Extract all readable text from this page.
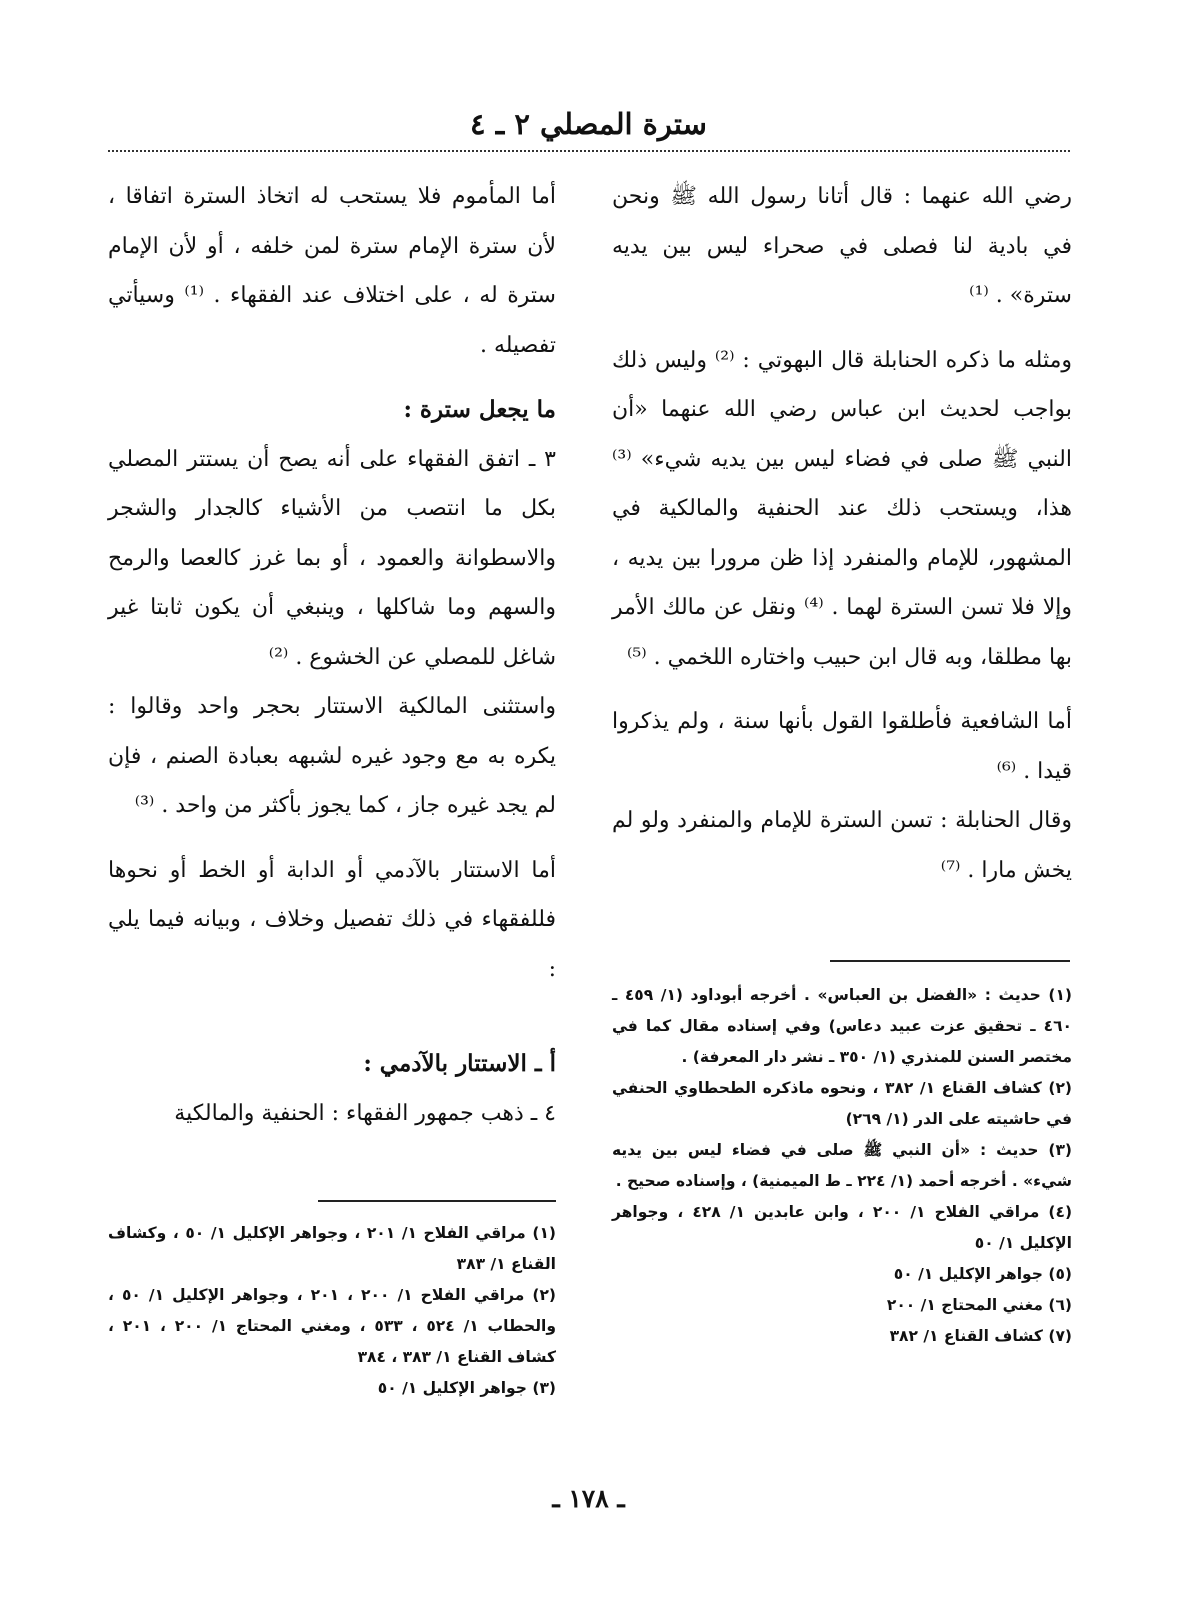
سترة المصلي ٢ ـ ٤

رضي الله عنهما : قال أتانا رسول الله ﷺ ونحن في بادية لنا فصلى في صحراء ليس بين يديه سترة» . ⁽¹⁾

ومثله ما ذكره الحنابلة قال البهوتي : ⁽²⁾ وليس ذلك بواجب لحديث ابن عباس رضي الله عنهما «أن النبي ﷺ صلى في فضاء ليس بين يديه شيء» ⁽³⁾ هذا، ويستحب ذلك عند الحنفية والمالكية في المشهور، للإمام والمنفرد إذا ظن مرورا بين يديه ، وإلا فلا تسن السترة لهما . ⁽⁴⁾ ونقل عن مالك الأمر بها مطلقا، وبه قال ابن حبيب واختاره اللخمي . ⁽⁵⁾

أما الشافعية فأطلقوا القول بأنها سنة ، ولم يذكروا قيدا . ⁽⁶⁾

وقال الحنابلة : تسن السترة للإمام والمنفرد ولو لم يخش مارا . ⁽⁷⁾

أما المأموم فلا يستحب له اتخاذ السترة اتفاقا ، لأن سترة الإمام سترة لمن خلفه ، أو لأن الإمام سترة له ، على اختلاف عند الفقهاء . ⁽¹⁾ وسيأتي تفصيله .

ما يجعل سترة :

٣ ـ اتفق الفقهاء على أنه يصح أن يستتر المصلي بكل ما انتصب من الأشياء كالجدار والشجر والاسطوانة والعمود ، أو بما غرز كالعصا والرمح والسهم وما شاكلها ، وينبغي أن يكون ثابتا غير شاغل للمصلي عن الخشوع . ⁽²⁾

واستثنى المالكية الاستتار بحجر واحد وقالوا : يكره به مع وجود غيره لشبهه بعبادة الصنم ، فإن لم يجد غيره جاز ، كما يجوز بأكثر من واحد . ⁽³⁾

أما الاستتار بالآدمي أو الدابة أو الخط أو نحوها فللفقهاء في ذلك تفصيل وخلاف ، وبيانه فيما يلي :

أ ـ الاستتار بالآدمي :

٤ ـ ذهب جمهور الفقهاء : الحنفية والمالكية

(١) حديث : «الفضل بن العباس» . أخرجه أبوداود (١/ ٤٥٩ ـ ٤٦٠ ـ تحقيق عزت عبيد دعاس) وفي إسناده مقال كما في مختصر السنن للمنذري (١/ ٣٥٠ ـ نشر دار المعرفة) .

(٢) كشاف القناع ١/ ٣٨٢ ، ونحوه ماذكره الطحطاوي الحنفي في حاشيته على الدر (١/ ٢٦٩)

(٣) حديث : «أن النبي ﷺ صلى في فضاء ليس بين يديه شيء» . أخرجه أحمد (١/ ٢٢٤ ـ ط الميمنية) ، وإسناده صحيح .

(٤) مراقي الفلاح ١/ ٢٠٠ ، وابن عابدين ١/ ٤٢٨ ، وجواهر الإكليل ١/ ٥٠

(٥) جواهر الإكليل ١/ ٥٠

(٦) مغني المحتاج ١/ ٢٠٠

(٧) كشاف القناع ١/ ٣٨٢

(١) مراقي الفلاح ١/ ٢٠١ ، وجواهر الإكليل ١/ ٥٠ ، وكشاف القناع ١/ ٣٨٣

(٢) مراقي الفلاح ١/ ٢٠٠ ، ٢٠١ ، وجواهر الإكليل ١/ ٥٠ ، والحطاب ١/ ٥٢٤ ، ٥٣٣ ، ومغني المحتاج ١/ ٢٠٠ ، ٢٠١ ، كشاف القناع ١/ ٣٨٣ ، ٣٨٤

(٣) جواهر الإكليل ١/ ٥٠

ـ ١٧٨ ـ
